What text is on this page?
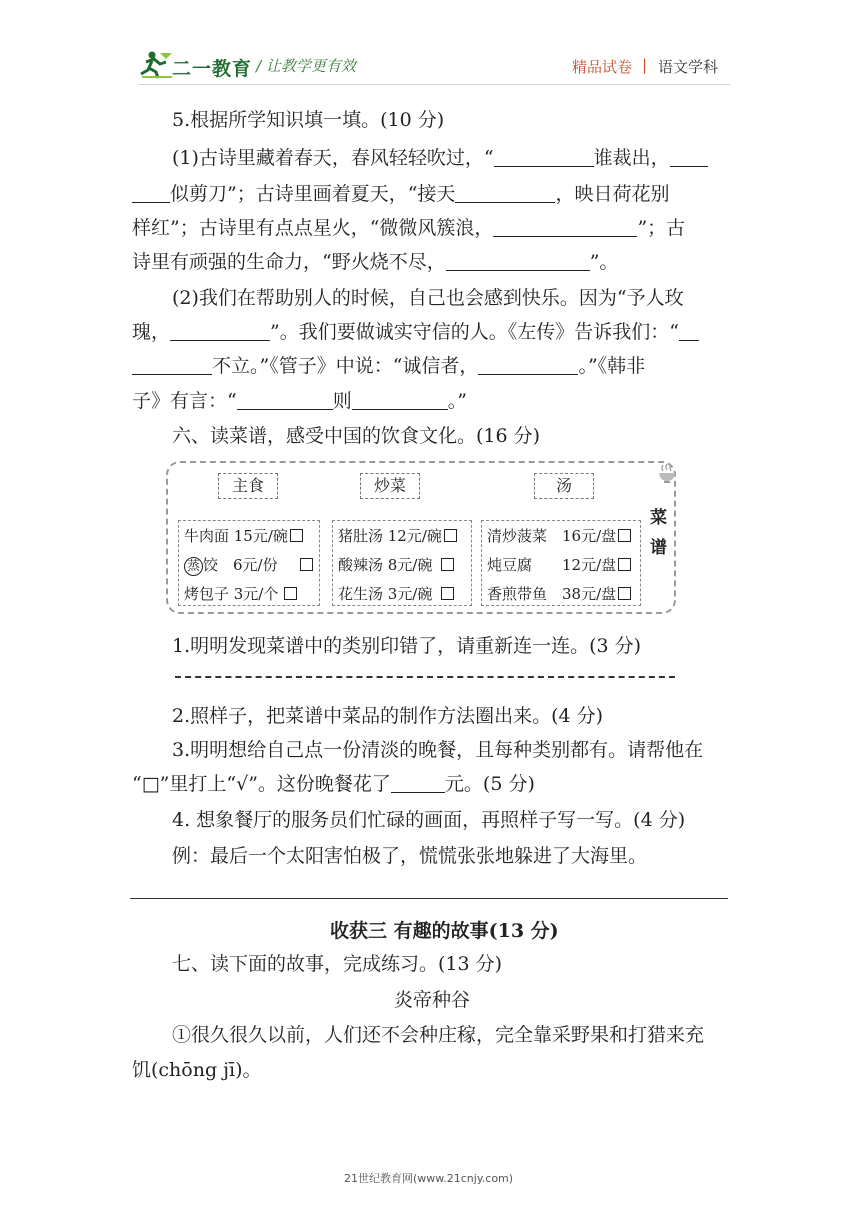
二一教育 / 让教学更有效	精品试卷 | 语文学科
5.根据所学知识填一填。(10 分)
(1)古诗里藏着春天，春风轻轻吹过，“	谁裁出，
似剪刀”；古诗里画着夏天，“接天	，映日荷花别
样红”；古诗里有点点星火，“微微风簇浪，	”；古
诗里有顽强的生命力，“野火烧不尽，	”。
(2)我们在帮助别人的时候，自己也会感到快乐。因为“予人玫
瑰，	”。我们要做诚实守信的人。《左传》告诉我们：“
不立。”《管子》中说：“诚信者，	。”《韩非
子》有言：“	则	。”
六、读菜谱，感受中国的饮食文化。(16 分)
主食	炒菜	汤
菜
谱
牛肉面 15元/碗
蒸 饺　6元/份
烤包子 3元/个
猪肚汤 12元/碗
酸辣汤 8元/碗
花生汤 3元/碗
清炒菠菜　16元/盘
炖豆腐　　12元/盘
香煎带鱼　38元/盘
1.明明发现菜谱中的类别印错了，请重新连一连。(3 分)
2.照样子，把菜谱中菜品的制作方法圈出来。(4 分)
3.明明想给自己点一份清淡的晚餐，且每种类别都有。请帮他在
“□”里打上“√”。这份晚餐花了	元。(5 分)
4. 想象餐厅的服务员们忙碌的画面，再照样子写一写。(4 分)
例：最后一个太阳害怕极了，慌慌张张地躲进了大海里。
收获三 有趣的故事(13 分)
七、读下面的故事，完成练习。(13 分)
炎帝种谷
①很久很久以前，人们还不会种庄稼，完全靠采野果和打猎来充
饥(chōng jī)。
21世纪教育网(www.21cnjy.com)
